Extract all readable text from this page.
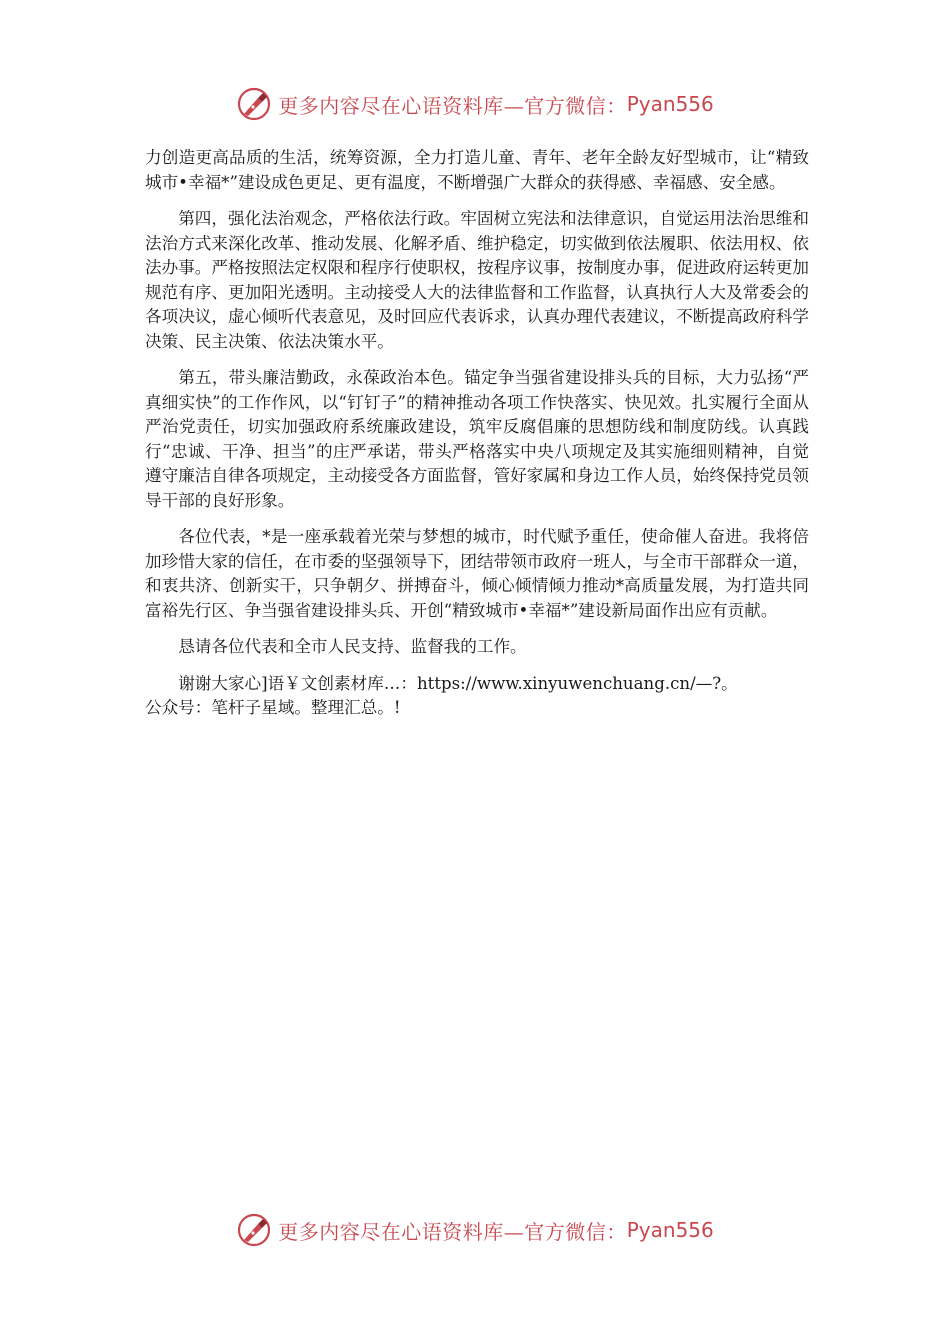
更多内容尽在心语资料库—官方微信： Pyan556

力创造更高品质的生活，统筹资源，全力打造儿童、青年、老年全龄友好型城市，让“精致城市•幸福*”建设成色更足、更有温度，不断增强广大群众的获得感、幸福感、安全感。

第四，强化法治观念，严格依法行政。牢固树立宪法和法律意识，自觉运用法治思维和法治方式来深化改革、推动发展、化解矛盾、维护稳定，切实做到依法履职、依法用权、依法办事。严格按照法定权限和程序行使职权，按程序议事，按制度办事，促进政府运转更加规范有序、更加阳光透明。主动接受人大的法律监督和工作监督，认真执行人大及常委会的各项决议，虚心倾听代表意见，及时回应代表诉求，认真办理代表建议，不断提高政府科学决策、民主决策、依法决策水平。

第五，带头廉洁勤政，永葆政治本色。锚定争当强省建设排头兵的目标，大力弘扬“严真细实快”的工作作风，以“钉钉子”的精神推动各项工作快落实、快见效。扎实履行全面从严治党责任，切实加强政府系统廉政建设，筑牢反腐倡廉的思想防线和制度防线。认真践行“忠诚、干净、担当”的庄严承诺，带头严格落实中央八项规定及其实施细则精神，自觉遵守廉洁自律各项规定，主动接受各方面监督，管好家属和身边工作人员，始终保持党员领导干部的良好形象。

各位代表，*是一座承载着光荣与梦想的城市，时代赋予重任，使命催人奋进。我将倍加珍惜大家的信任，在市委的坚强领导下，团结带领市政府一班人，与全市干部群众一道，和衷共济、创新实干，只争朝夕、拼搏奋斗，倾心倾情倾力推动*高质量发展，为打造共同富裕先行区、争当强省建设排头兵、开创“精致城市•幸福*”建设新局面作出应有贡献。

恳请各位代表和全市人民支持、监督我的工作。

谢谢大家心]语￥文创素材库…：https://www.xinyuwenchuang.cn/—?。

公众号：笔杆子星域。整理汇总。!

更多内容尽在心语资料库—官方微信： Pyan556
